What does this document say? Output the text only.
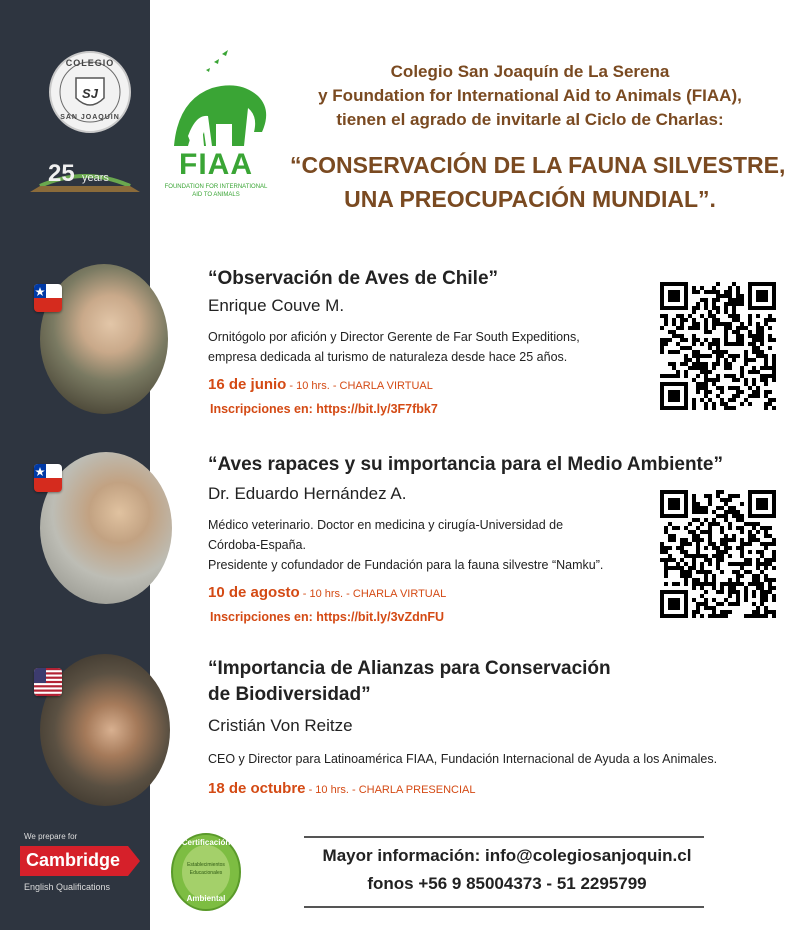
COLEGIO
SJ
SAN JOAQUIN
25 years	FIAA
FOUNDATION FOR INTERNATIONAL
AID TO ANIMALS
Colegio San Joaquín de La Serena
y Foundation for International Aid to Animals (FIAA),
tienen el agrado de invitarle al Ciclo de Charlas:
“CONSERVACIÓN DE LA FAUNA SILVESTRE,
UNA PREOCUPACIÓN MUNDIAL”.
“Observación de Aves de Chile”
Enrique Couve M.
Ornitógolo por afición y Director Gerente de Far South Expeditions,
empresa dedicada al turismo de naturaleza desde hace 25 años.
16 de junio - 10 hrs. - CHARLA VIRTUAL
Inscripciones en: https://bit.ly/3F7fbk7
“Aves rapaces y su importancia para el Medio Ambiente”
Dr. Eduardo Hernández A.
Médico veterinario. Doctor en medicina y cirugía-Universidad de
Córdoba-España.
Presidente y cofundador de Fundación para la fauna silvestre “Namku”.
10 de agosto - 10 hrs. - CHARLA VIRTUAL
Inscripciones en: https://bit.ly/3vZdnFU
“Importancia de Alianzas para Conservación
de Biodiversidad”
Cristián Von Reitze
CEO y Director para Latinoamérica FIAA, Fundación Internacional de Ayuda a los Animales.
18 de octubre - 10 hrs. - CHARLA PRESENCIAL
We prepare for
Cambridge
English Qualifications
Certificación
Establecimientos
Educacionales
Ambiental
Mayor información: info@colegiosanjoquin.cl
fonos +56 9 85004373 - 51 2295799
